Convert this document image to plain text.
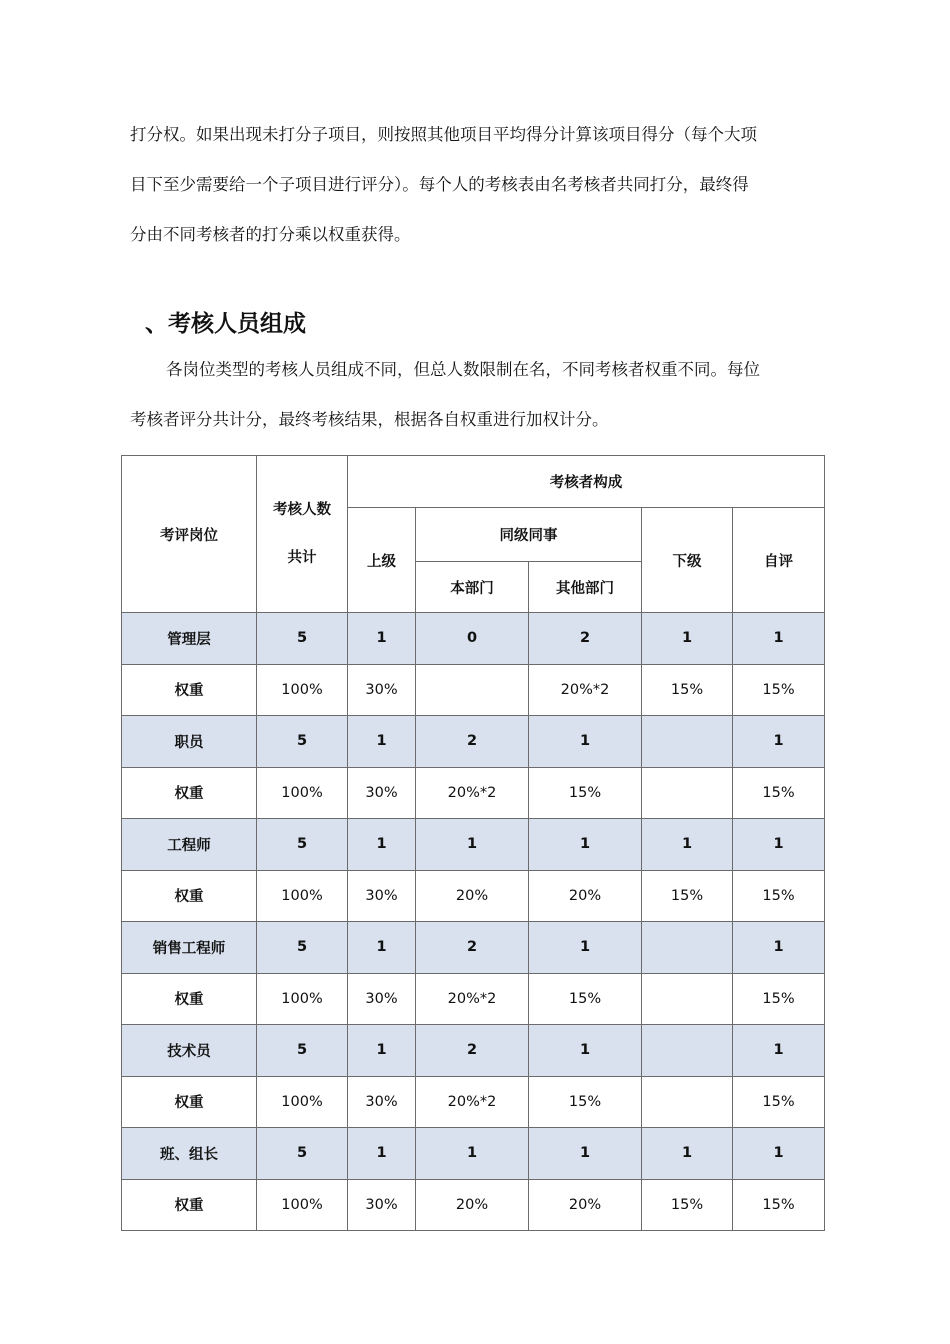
打分权。如果出现未打分子项目，则按照其他项目平均得分计算该项目得分（每个大项
目下至少需要给一个子项目进行评分）。每个人的考核表由名考核者共同打分，最终得
分由不同考核者的打分乘以权重获得。
、考核人员组成
各岗位类型的考核人员组成不同，但总人数限制在名，不同考核者权重不同。每位
考核者评分共计分，最终考核结果，根据各自权重进行加权计分。
考评岗位	考核人数
共计	考核者构成				
		上级	同级同事		下级	自评
			本部门	其他部门		
管理层	5	1	0	2	1	1
权重	100%	30%		20%*2	15%	15%
职员	5	1	2	1		1
权重	100%	30%	20%*2	15%		15%
工程师	5	1	1	1	1	1
权重	100%	30%	20%	20%	15%	15%
销售工程师	5	1	2	1		1
权重	100%	30%	20%*2	15%		15%
技术员	5	1	2	1		1
权重	100%	30%	20%*2	15%		15%
班、组长	5	1	1	1	1	1
权重	100%	30%	20%	20%	15%	15%
